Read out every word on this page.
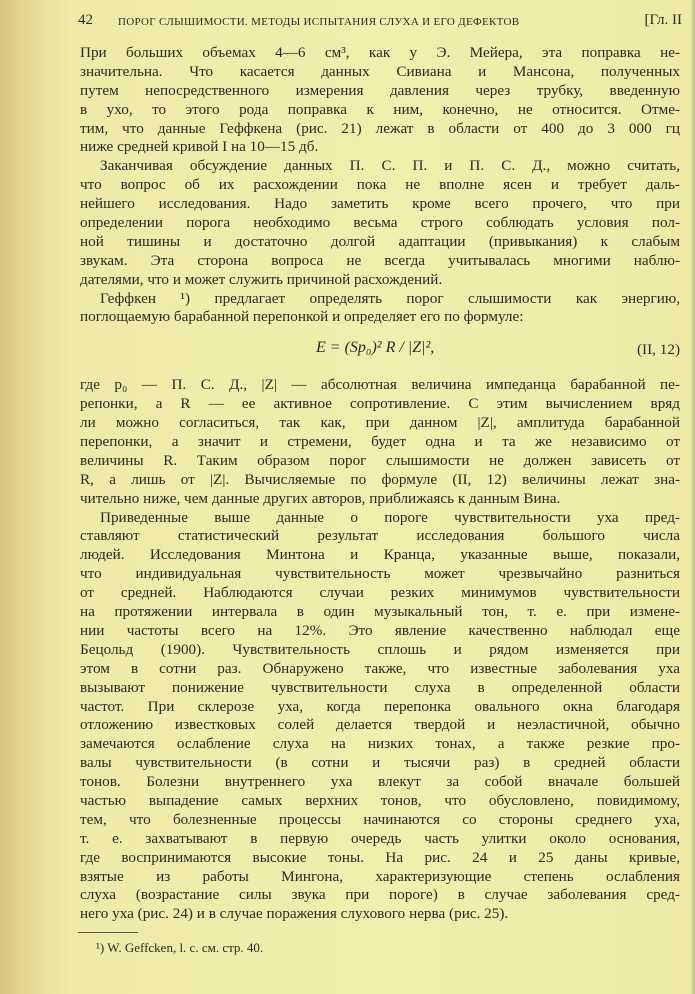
42 ПОРОГ СЛЫШИМОСТИ. МЕТОДЫ ИСПЫТАНИЯ СЛУХА И ЕГО ДЕФЕКТОВ	[Гл. II
При больших объемах 4—6 см³, как у Э. Мейера, эта поправка не-
значительна. Что касается данных Сивиана и Мансона, полученных
путем непосредственного измерения давления через трубку, введенную
в ухо, то этого рода поправка к ним, конечно, не относится. Отме-
тим, что данные Геффкена (рис. 21) лежат в области от 400 до 3 000 гц
ниже средней кривой I на 10—15 дб.
Заканчивая обсуждение данных П. С. П. и П. С. Д., можно считать,
что вопрос об их расхождении пока не вполне ясен и требует даль-
нейшего исследования. Надо заметить кроме всего прочего, что при
определении порога необходимо весьма строго соблюдать условия пол-
ной тишины и достаточно долгой адаптации (привыкания) к слабым
звукам. Эта сторона вопроса не всегда учитывалась многими наблю-
дателями, что и может служить причиной расхождений.
Геффкен ¹) предлагает определять порог слышимости как энергию,
поглощаемую барабанной перепонкой и определяет его по формуле:
E = (Sp₀)² R / |Z|²,	(II, 12)
где p₀ — П. С. Д., |Z| — абсолютная величина импеданца барабанной пе-
репонки, а R — ее активное сопротивление. С этим вычислением вряд
ли можно согласиться, так как, при данном |Z|, амплитуда барабанной
перепонки, а значит и стремени, будет одна и та же независимо от
величины R. Таким образом порог слышимости не должен зависеть от
R, а лишь от |Z|. Вычисляемые по формуле (II, 12) величины лежат зна-
чительно ниже, чем данные других авторов, приближаясь к данным Вина.
Приведенные выше данные о пороге чувствительности уха пред-
ставляют статистический результат исследования большого числа
людей. Исследования Минтона и Кранца, указанные выше, показали,
что индивидуальная чувствительность может чрезвычайно разниться
от средней. Наблюдаются случаи резких минимумов чувствительности
на протяжении интервала в один музыкальный тон, т. е. при измене-
нии частоты всего на 12%. Это явление качественно наблюдал еще
Бецольд (1900). Чувствительность сплошь и рядом изменяется при
этом в сотни раз. Обнаружено также, что известные заболевания уха
вызывают понижение чувствительности слуха в определенной области
частот. При склерозе уха, когда перепонка овального окна благодаря
отложению известковых солей делается твердой и неэластичной, обычно
замечаются ослабление слуха на низких тонах, а также резкие про-
валы чувствительности (в сотни и тысячи раз) в средней области
тонов. Болезни внутреннего уха влекут за собой вначале большей
частью выпадение самых верхних тонов, что обусловлено, повидимому,
тем, что болезненные процессы начинаются со стороны среднего уха,
т. е. захватывают в первую очередь часть улитки около основания,
где воспринимаются высокие тоны. На рис. 24 и 25 даны кривые,
взятые из работы Мингона, характеризующие степень ослабления
слуха (возрастание силы звука при пороге) в случае заболевания сред-
него уха (рис. 24) и в случае поражения слухового нерва (рис. 25).
¹) W. Geffcken, l. c. см. стр. 40.
